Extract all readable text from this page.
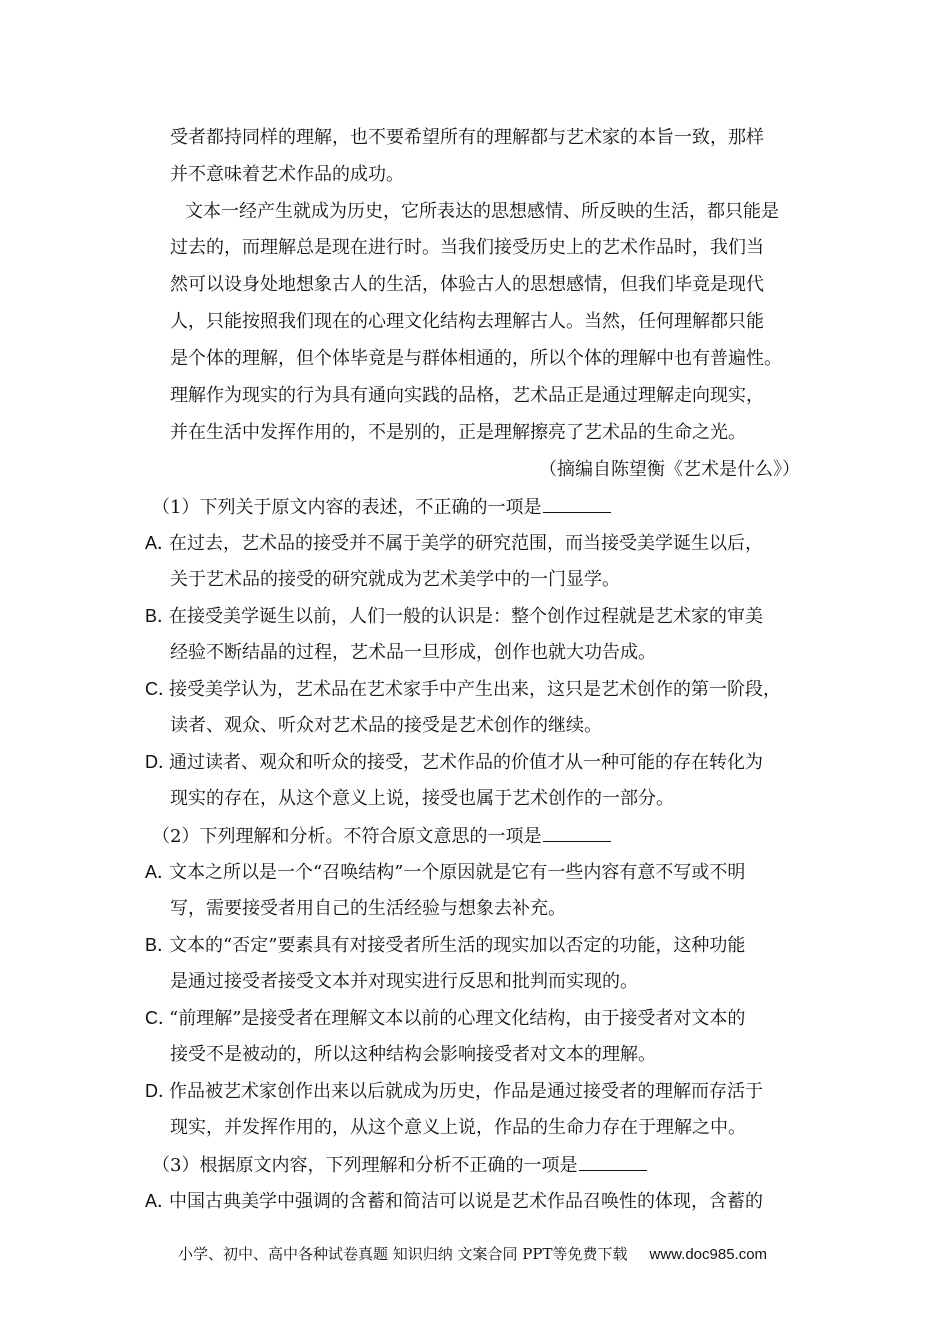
受者都持同样的理解，也不要希望所有的理解都与艺术家的本旨一致，那样
并不意味着艺术作品的成功。
文本一经产生就成为历史，它所表达的思想感情、所反映的生活，都只能是
过去的，而理解总是现在进行时。当我们接受历史上的艺术作品时，我们当
然可以设身处地想象古人的生活，体验古人的思想感情，但我们毕竟是现代
人，只能按照我们现在的心理文化结构去理解古人。当然，任何理解都只能
是个体的理解，但个体毕竟是与群体相通的，所以个体的理解中也有普遍性。
理解作为现实的行为具有通向实践的品格，艺术品正是通过理解走向现实，
并在生活中发挥作用的，不是别的，正是理解擦亮了艺术品的生命之光。
（摘编自陈望衡《艺术是什么》）
（1）下列关于原文内容的表述，不正确的一项是
A．在过去，艺术品的接受并不属于美学的研究范围，而当接受美学诞生以后，
关于艺术品的接受的研究就成为艺术美学中的一门显学。
B．在接受美学诞生以前，人们一般的认识是：整个创作过程就是艺术家的审美
经验不断结晶的过程，艺术品一旦形成，创作也就大功告成。
C．接受美学认为，艺术品在艺术家手中产生出来，这只是艺术创作的第一阶段，
读者、观众、听众对艺术品的接受是艺术创作的继续。
D．通过读者、观众和听众的接受，艺术作品的价值才从一种可能的存在转化为
现实的存在，从这个意义上说，接受也属于艺术创作的一部分。
（2）下列理解和分析。不符合原文意思的一项是
A．文本之所以是一个“召唤结构”一个原因就是它有一些内容有意不写或不明
写，需要接受者用自己的生活经验与想象去补充。
B．文本的“否定”要素具有对接受者所生活的现实加以否定的功能，这种功能
是通过接受者接受文本并对现实进行反思和批判而实现的。
C．“前理解”是接受者在理解文本以前的心理文化结构，由于接受者对文本的
接受不是被动的，所以这种结构会影响接受者对文本的理解。
D．作品被艺术家创作出来以后就成为历史，作品是通过接受者的理解而存活于
现实，并发挥作用的，从这个意义上说，作品的生命力存在于理解之中。
（3）根据原文内容，下列理解和分析不正确的一项是
A．中国古典美学中强调的含蓄和简洁可以说是艺术作品召唤性的体现，含蓄的
小学、初中、高中各种试卷真题 知识归纳 文案合同 PPT等免费下载 www.doc985.com
